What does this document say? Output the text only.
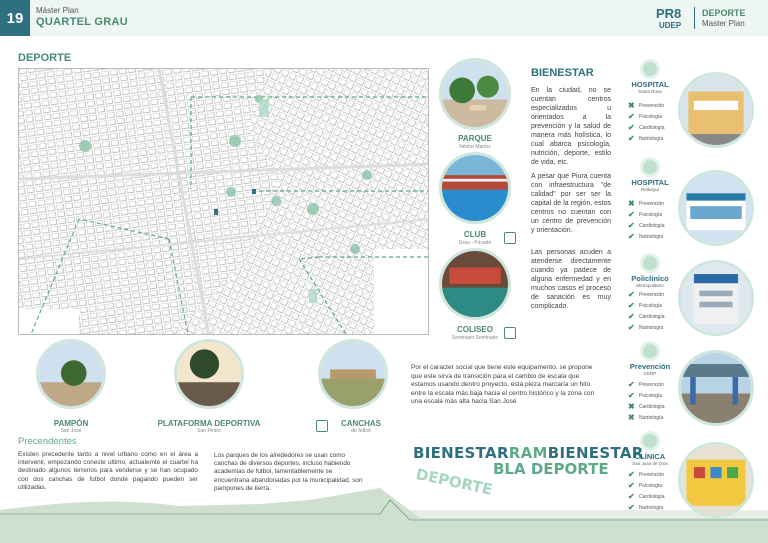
19	Máster Plan
QUARTEL GRAU
PR8
UDEP
DEPORTE
Master Plan
DEPORTE
PARQUE
Néstor Martos
CLUB
Grau - Privado
COLISEO
Seminario Seminario
BIENESTAR
En la ciudad, no se cuentan centros especializados u orientados a la prevención y la salud de manera más holística, lo cual abarca psicología, nutrición, deporte, estilo de vida, etc.
A pesar que Piura cuenta con infraestructura "de calidad" por ser ser la capital de la región, estos centros no cuentan con un centro de prevención y orientación.
Las personas acuden a atenderse directamente cuando ya padece de alguna enfermedad y en muchos casos el proceso de sanación es muy complicado.
PAMPÓN
San José
PLATAFORMA DEPORTIVA
San Pedro
CANCHAS
de fútbol
Por el caracter social que tiene este equipamento, se propone que este sirva de transición para el cambio de escala que estamos usando dentro proyecto, está pieza marcaría un hito entre la escala más baja hacia el centro histórico y la zona con una escala más alta hacia San José
Precendentes
Existen precedente tanto a nivel urbano como en el área a intervenir, empezando coneste ultimo, actualemte el cuartel ha destinado algunos terrenos para venderse y se han ocupado con dos canchas de futbol donde pagando pueden ser utilizadas.
Los parques de los alrededores se usan como canchas de diversos deportes, incluso habiendo academias de futbol, lamentablemente se encuentrana abandonadas por la municipalidad, son pampones de tierra.
BIENESTARRAMBIENESTAR
DEPORTE
BLA DEPORTE
HOSPITAL
Santa Rosa
✖ Prevención
✔ Psicología
✔ Cardiología
✔ Nutriología
HOSPITAL
Reátegui
✖ Prevención
✔ Psicología
✔ Cardiología
✔ Nutriología
Policlínico
Metropolitano
✔ Prevención
✔ Psicología
✔ Cardiología
✔ Nutriología
Prevención
CEDP
✔ Prevención
✔ Psicología
✖ Cardiología
✖ Nutriología
CLÍNICA
San Juan de Dios
✔ Prevención
✔ Psicología
✔ Cardiología
✔ Nutriología
